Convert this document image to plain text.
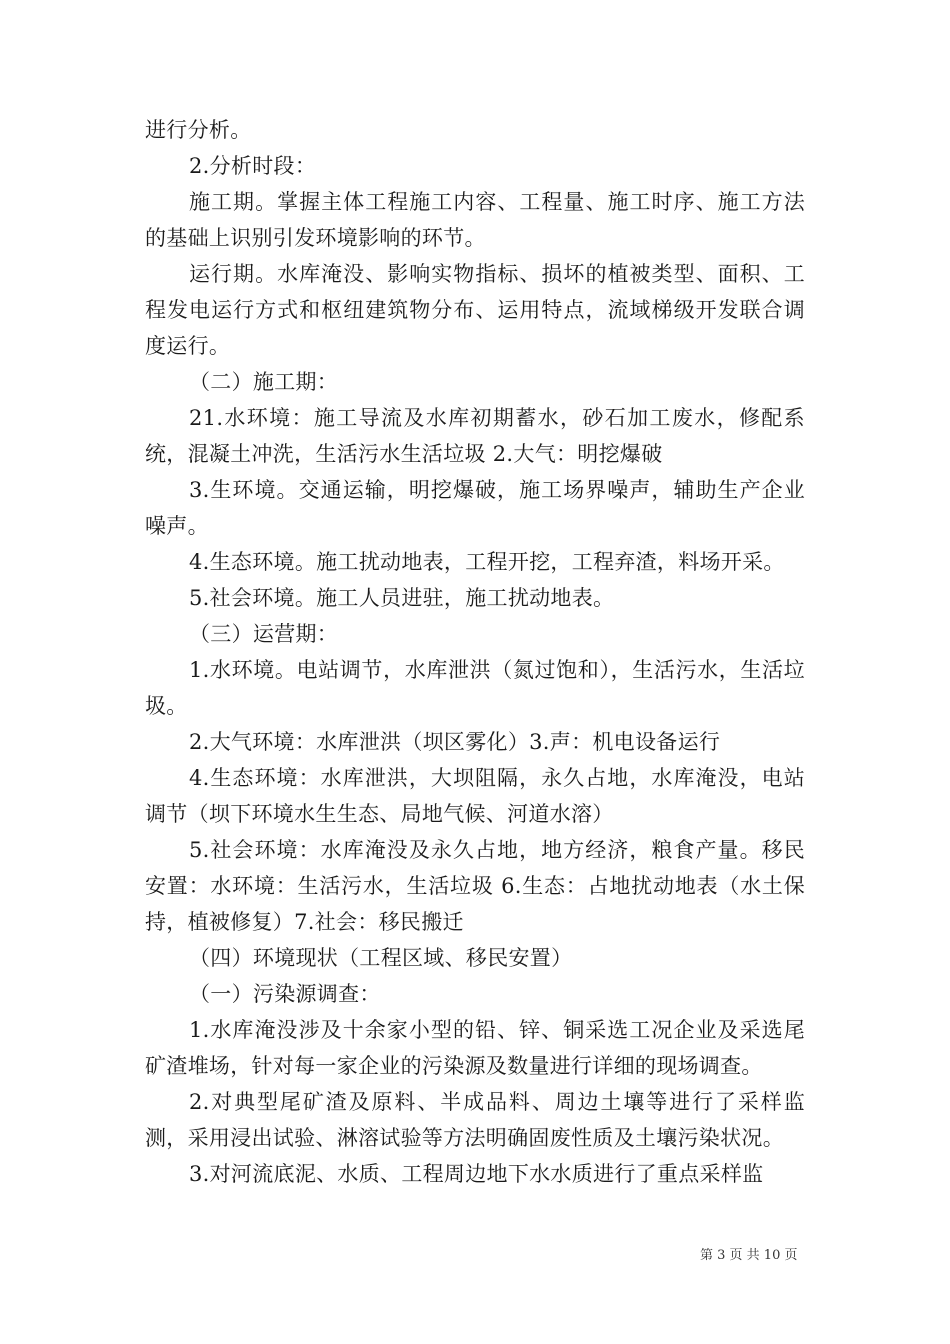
进行分析。

2.分析时段：

施工期。掌握主体工程施工内容、工程量、施工时序、施工方法的基础上识别引发环境影响的环节。

运行期。水库淹没、影响实物指标、损坏的植被类型、面积、工程发电运行方式和枢纽建筑物分布、运用特点，流域梯级开发联合调度运行。

（二）施工期：

21.水环境：施工导流及水库初期蓄水，砂石加工废水，修配系统，混凝土冲洗，生活污水生活垃圾 2.大气：明挖爆破

3.生环境。交通运输，明挖爆破，施工场界噪声，辅助生产企业噪声。

4.生态环境。施工扰动地表，工程开挖，工程弃渣，料场开采。

5.社会环境。施工人员进驻，施工扰动地表。

（三）运营期：

1.水环境。电站调节，水库泄洪（氮过饱和），生活污水，生活垃圾。

2.大气环境：水库泄洪（坝区雾化）3.声：机电设备运行

4.生态环境：水库泄洪，大坝阻隔，永久占地，水库淹没，电站调节（坝下环境水生生态、局地气候、河道水溶）

5.社会环境：水库淹没及永久占地，地方经济，粮食产量。移民安置：水环境：生活污水，生活垃圾 6.生态：占地扰动地表（水土保持，植被修复）7.社会：移民搬迁

（四）环境现状（工程区域、移民安置）

（一）污染源调查：

1.水库淹没涉及十余家小型的铅、锌、铜采选工况企业及采选尾矿渣堆场，针对每一家企业的污染源及数量进行详细的现场调查。

2.对典型尾矿渣及原料、半成品料、周边土壤等进行了采样监测，采用浸出试验、淋溶试验等方法明确固废性质及土壤污染状况。

3.对河流底泥、水质、工程周边地下水水质进行了重点采样监

第 3 页 共 10 页
